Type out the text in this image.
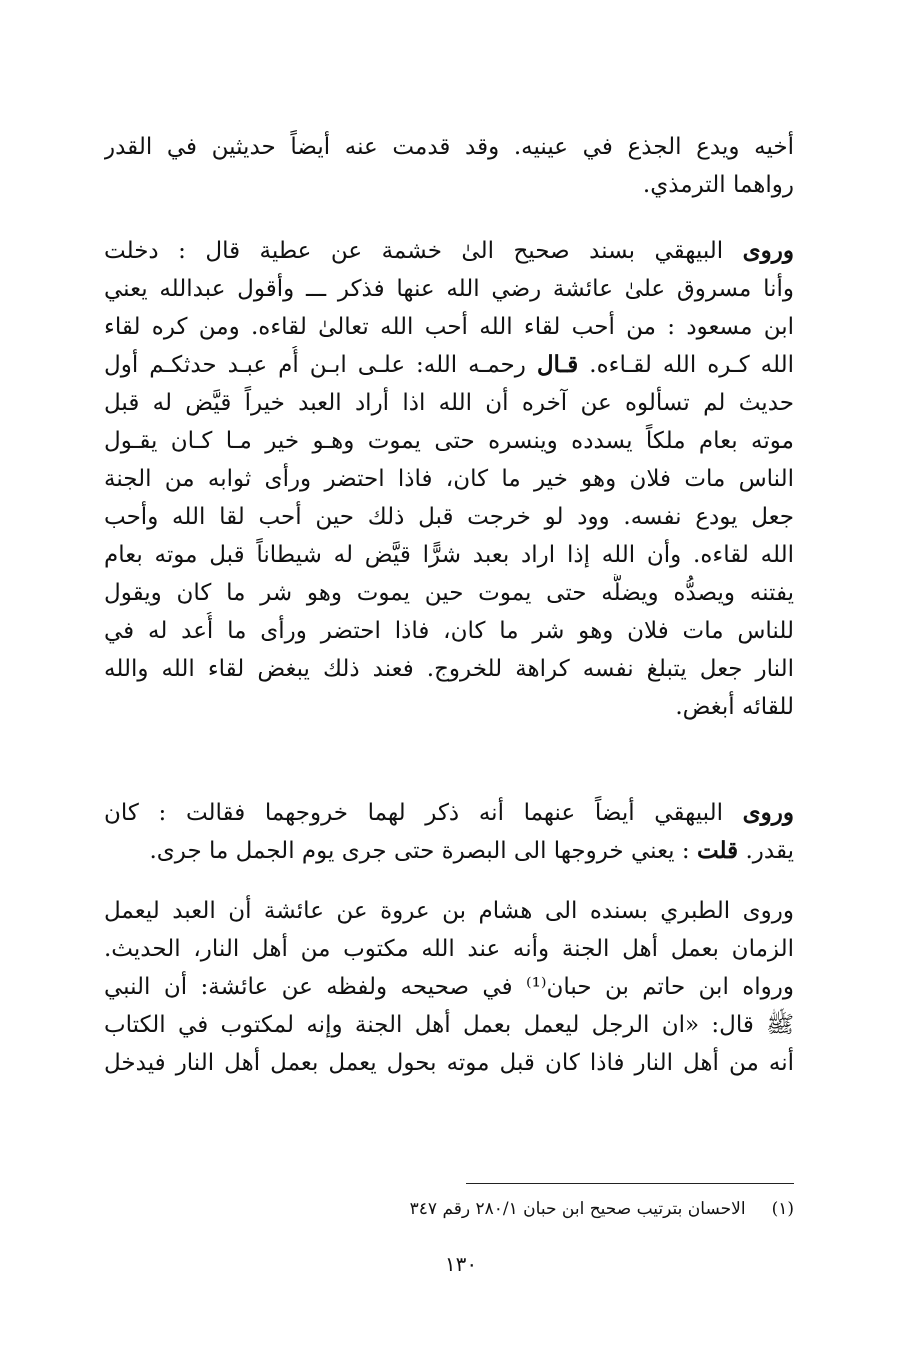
أخيه ويدع الجذع في عينيه. وقد قدمت عنه أيضاً حديثين في القدر
رواهما الترمذي.
وروى البيهقي بسند صحيح الىٰ خشمة عن عطية قال : دخلت
وأنا مسروق علىٰ عائشة رضي الله عنها فذكر ـــ وأقول عبدالله يعني
ابن مسعود : من أحب لقاء الله أحب الله تعالىٰ لقاءه. ومن كره لقاء
الله كـره الله لقـاءه. قـال رحمـه الله: علـى ابـن أُم عبـد حدثكـم أول
حديث لم تسألوه عن آخره أن الله اذا أراد العبد خيراً قيَّض له قبل
موته بعام ملكاً يسدده وينسره حتى يموت وهـو خير مـا كـان يقـول
الناس مات فلان وهو خير ما كان، فاذا احتضر ورأى ثوابه من الجنة
جعل يودع نفسه. وود لو خرجت قبل ذلك حين أحب لقا الله وأحب
الله لقاءه. وأن الله إذا اراد بعبد شرًّا قيَّض له شيطاناً قبل موته بعام
يفتنه ويصدُّه ويضلُّه حتى يموت حين يموت وهو شر ما كان ويقول
للناس مات فلان وهو شر ما كان، فاذا احتضر ورأى ما أُعد له في
النار جعل يتبلغ نفسه كراهة للخروج. فعند ذلك يبغض لقاء الله والله
للقائه أبغض.
وروى البيهقي أيضاً عنهما أنه ذكر لهما خروجهما فقالت : كان
يقدر. قلت : يعني خروجها الى البصرة حتى جرى يوم الجمل ما جرى.
وروى الطبري بسنده الى هشام بن عروة عن عائشة أن العبد ليعمل
الزمان بعمل أهل الجنة وأنه عند الله مكتوب من أهل النار، الحديث.
ورواه ابن حاتم بن حبان⁽¹⁾ في صحيحه ولفظه عن عائشة: أن النبي
ﷺ قال: «ان الرجل ليعمل بعمل أهل الجنة وإنه لمكتوب في الكتاب
أنه من أهل النار فاذا كان قبل موته بحول يعمل بعمل أهل النار فيدخل
(١)الاحسان بترتيب صحيح ابن حبان ٢٨٠/١ رقم ٣٤٧
١٣٠
